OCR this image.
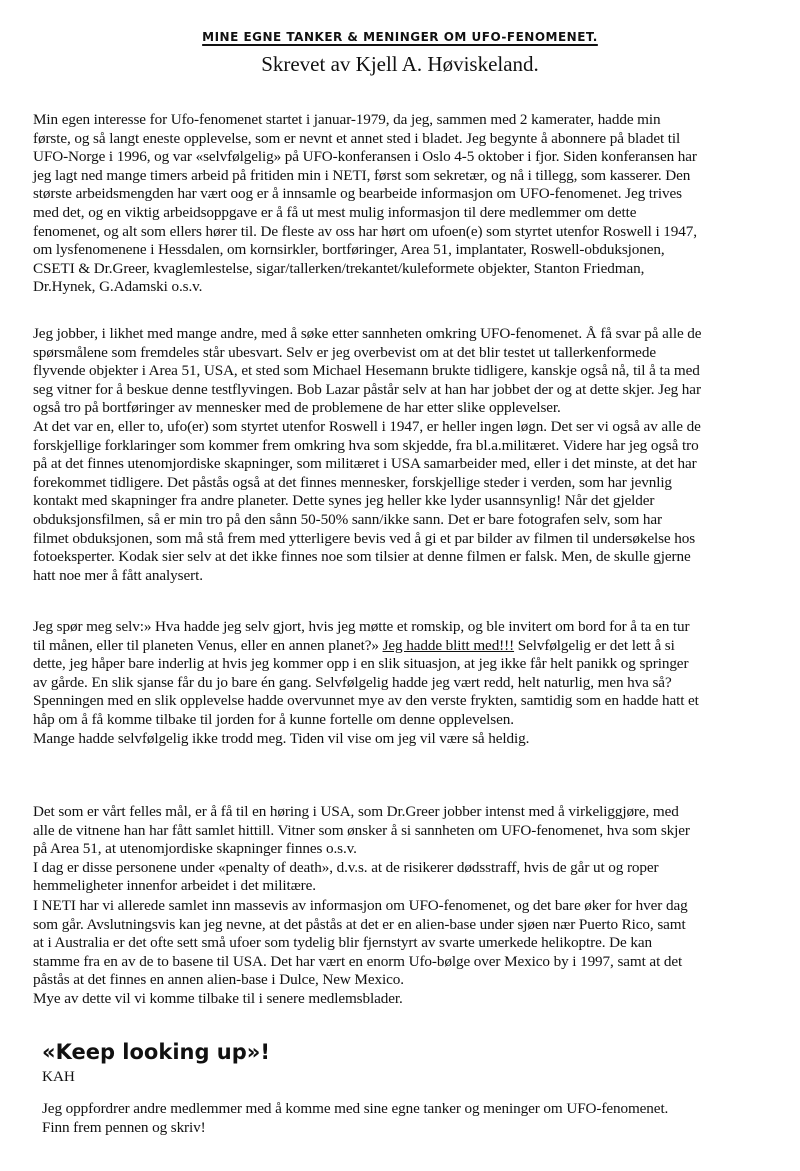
MINE EGNE TANKER & MENINGER OM UFO-FENOMENET.
Skrevet av Kjell A. Høviskeland.
Min egen interesse for Ufo-fenomenet startet i januar-1979, da jeg, sammen med 2 kamerater, hadde min
første, og så langt eneste opplevelse, som er nevnt et annet sted i bladet. Jeg begynte å abonnere på bladet til
UFO-Norge i 1996, og var «selvfølgelig» på UFO-konferansen i Oslo 4-5 oktober i fjor. Siden konferansen har
jeg lagt ned mange timers arbeid på fritiden min i NETI, først som sekretær, og nå i tillegg, som kasserer. Den
største arbeidsmengden har vært oog er å innsamle og bearbeide informasjon om UFO-fenomenet. Jeg trives
med det, og en viktig arbeidsoppgave er å få ut mest mulig informasjon til dere medlemmer om dette
fenomenet, og alt som ellers hører til. De fleste av oss har hørt om ufoen(e) som styrtet utenfor Roswell i 1947,
om lysfenomenene i Hessdalen, om kornsirkler, bortføringer, Area 51, implantater, Roswell-obduksjonen,
CSETI & Dr.Greer, kvaglemlestelse, sigar/tallerken/trekantet/kuleformete objekter, Stanton Friedman,
Dr.Hynek, G.Adamski o.s.v.
Jeg jobber, i likhet med mange andre, med å søke etter sannheten omkring UFO-fenomenet. Å få svar på alle de
spørsmålene som fremdeles står ubesvart. Selv er jeg overbevist om at det blir testet ut tallerkenformede
flyvende objekter i Area 51, USA, et sted som Michael Hesemann brukte tidligere, kanskje også nå, til å ta med
seg vitner for å beskue denne testflyvingen. Bob Lazar påstår selv at han har jobbet der og at dette skjer. Jeg har
også tro på bortføringer av mennesker med de problemene de har etter slike opplevelser.
At det var en, eller to, ufo(er) som styrtet utenfor Roswell i 1947, er heller ingen løgn. Det ser vi også av alle de
forskjellige forklaringer som kommer frem omkring hva som skjedde, fra bl.a.militæret. Videre har jeg også tro
på at det finnes utenomjordiske skapninger, som militæret i USA samarbeider med, eller i det minste, at det har
forekommet tidligere. Det påstås også at det finnes mennesker, forskjellige steder i verden, som har jevnlig
kontakt med skapninger fra andre planeter. Dette synes jeg heller kke lyder usannsynlig! Når det gjelder
obduksjonsfilmen, så er min tro på den sånn 50-50% sann/ikke sann. Det er bare fotografen selv, som har
filmet obduksjonen, som må stå frem med ytterligere bevis ved å gi et par bilder av filmen til undersøkelse hos
fotoeksperter. Kodak sier selv at det ikke finnes noe som tilsier at denne filmen er falsk. Men, de skulle gjerne
hatt noe mer å fått analysert.
Jeg spør meg selv:» Hva hadde jeg selv gjort, hvis jeg møtte et romskip, og ble invitert om bord for å ta en tur
til månen, eller til planeten Venus, eller en annen planet?» Jeg hadde blitt med!!! Selvfølgelig er det lett å si
dette, jeg håper bare inderlig at hvis jeg kommer opp i en slik situasjon, at jeg ikke får helt panikk og springer
av gårde. En slik sjanse får du jo bare én gang. Selvfølgelig hadde jeg vært redd, helt naturlig, men hva så?
Spenningen med en slik opplevelse hadde overvunnet mye av den verste frykten, samtidig som en hadde hatt et
håp om å få komme tilbake til jorden for å kunne fortelle om denne opplevelsen.
Mange hadde selvfølgelig ikke trodd meg. Tiden vil vise om jeg vil være så heldig.
Det som er vårt felles mål, er å få til en høring i USA, som Dr.Greer jobber intenst med å virkeliggjøre, med
alle de vitnene han har fått samlet hittill. Vitner som ønsker å si sannheten om UFO-fenomenet, hva som skjer
på Area 51, at utenomjordiske skapninger finnes o.s.v.
I dag er disse personene under «penalty of death», d.v.s. at de risikerer dødsstraff, hvis de går ut og roper
hemmeligheter innenfor arbeidet i det militære.
I NETI har vi allerede samlet inn massevis av informasjon om UFO-fenomenet, og det bare øker for hver dag
som går. Avslutningsvis kan jeg nevne, at det påstås at det er en alien-base under sjøen nær Puerto Rico, samt
at i Australia er det ofte sett små ufoer som tydelig blir fjernstyrt av svarte umerkede helikoptre. De kan
stamme fra en av de to basene til USA. Det har vært en enorm Ufo-bølge over Mexico by i 1997, samt at det
påstås at det finnes en annen alien-base i Dulce, New Mexico.
Mye av dette vil vi komme tilbake til i senere medlemsblader.
Jeg oppfordrer andre medlemmer med å komme med sine egne tanker og meninger om UFO-fenomenet.
Finn frem pennen og skriv!
«Keep looking up»!
KAH
